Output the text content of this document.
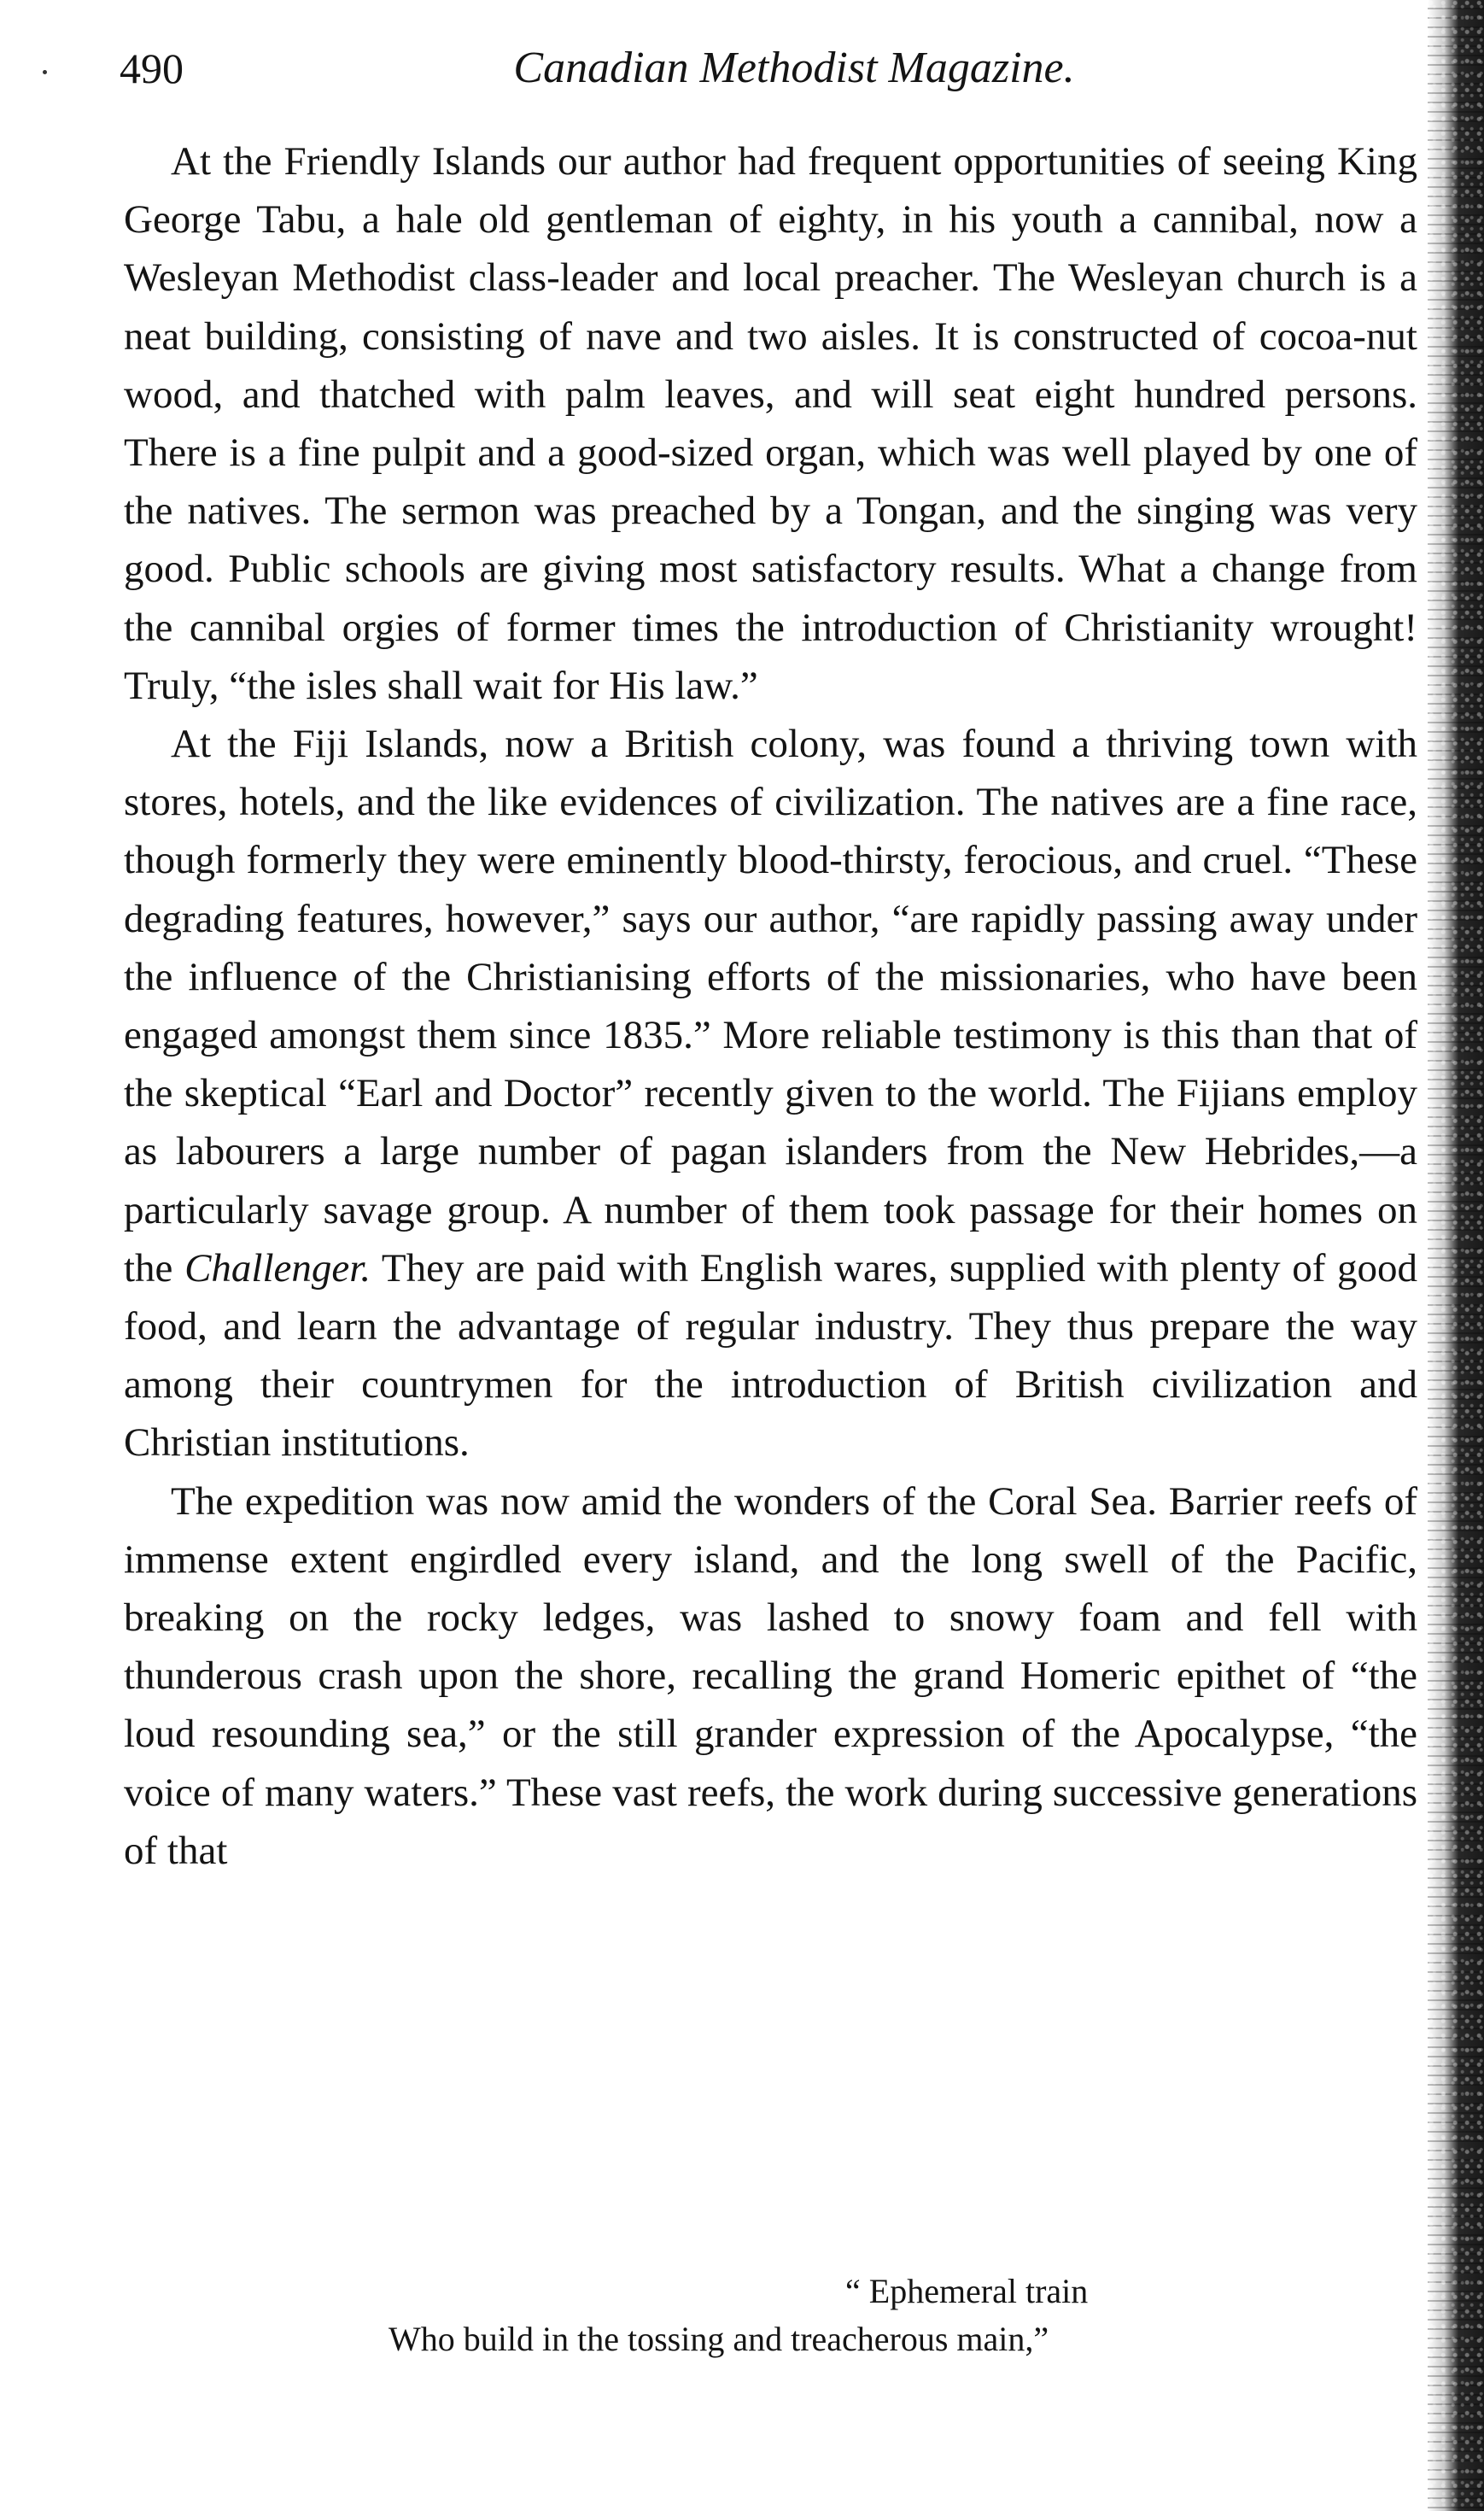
490	Canadian Methodist Magazine.

At the Friendly Islands our author had frequent opportunities of seeing King George Tabu, a hale old gentleman of eighty, in his youth a cannibal, now a Wesleyan Methodist class-leader and local preacher. The Wesleyan church is a neat building, consisting of nave and two aisles. It is constructed of cocoa-nut wood, and thatched with palm leaves, and will seat eight hundred persons. There is a fine pulpit and a good-sized organ, which was well played by one of the natives. The sermon was preached by a Tongan, and the singing was very good. Public schools are giving most satisfactory results. What a change from the cannibal orgies of former times the introduction of Christianity wrought! Truly, “the isles shall wait for His law.”

At the Fiji Islands, now a British colony, was found a thriving town with stores, hotels, and the like evidences of civilization. The natives are a fine race, though formerly they were eminently blood-thirsty, ferocious, and cruel. “These degrading features, however,” says our author, “are rapidly passing away under the influence of the Christianising efforts of the missionaries, who have been engaged amongst them since 1835.” More reliable testimony is this than that of the skeptical “Earl and Doctor” recently given to the world. The Fijians employ as labourers a large number of pagan islanders from the New Hebrides,—a particularly savage group. A number of them took passage for their homes on the Challenger. They are paid with English wares, supplied with plenty of good food, and learn the advantage of regular industry. They thus prepare the way among their countrymen for the introduction of British civilization and Christian institutions.

The expedition was now amid the wonders of the Coral Sea. Barrier reefs of immense extent engirdled every island, and the long swell of the Pacific, breaking on the rocky ledges, was lashed to snowy foam and fell with thunderous crash upon the shore, recalling the grand Homeric epithet of “the loud resounding sea,” or the still grander expression of the Apocalypse, “the voice of many waters.” These vast reefs, the work during successive generations of that

“ Ephemeral train
Who build in the tossing and treacherous main,”
